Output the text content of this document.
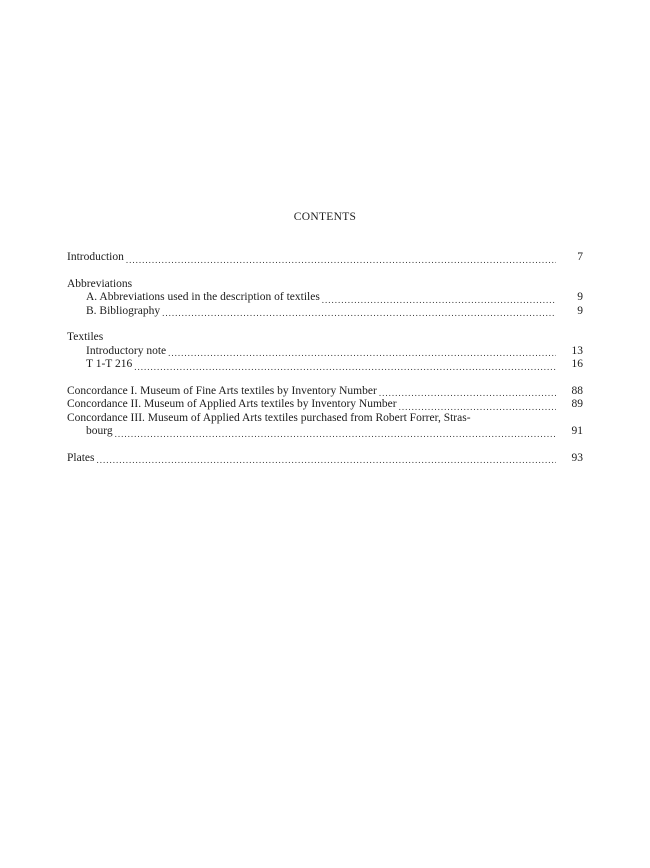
CONTENTS
Introduction .....	7
Abbreviations
A. Abbreviations used in the description of textiles .....	9
B. Bibliography .....	9
Textiles
Introductory note .....	13
T 1-T 216 .....	16
Concordance I. Museum of Fine Arts textiles by Inventory Number .....	88
Concordance II. Museum of Applied Arts textiles by Inventory Number .....	89
Concordance III. Museum of Applied Arts textiles purchased from Robert Forrer, Stras-
bourg .....	91
Plates .....	93
